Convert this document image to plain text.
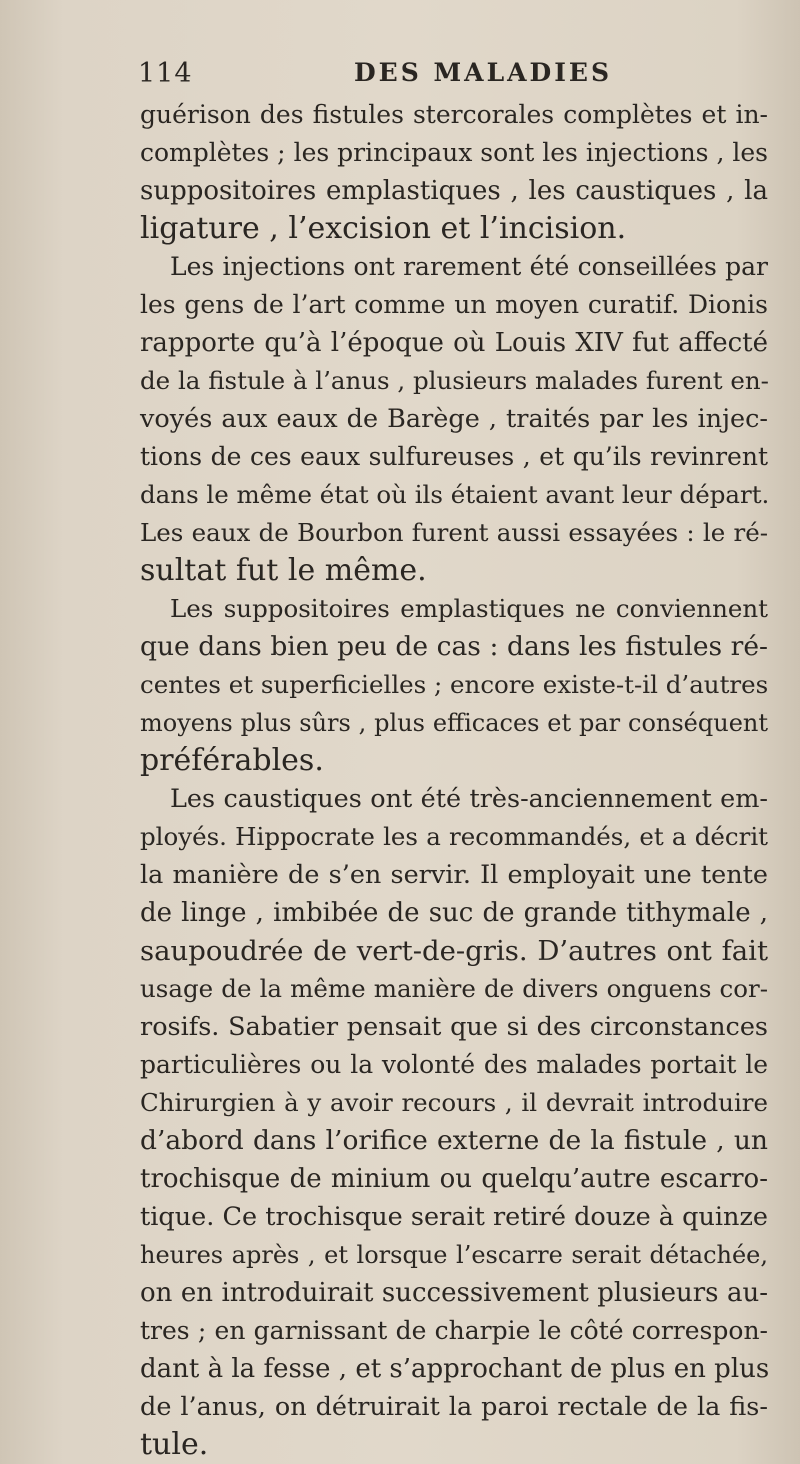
114	DES MALADIES
guérison des fistules stercorales complètes et in-
complètes ; les principaux sont les injections , les
suppositoires emplastiques , les caustiques , la
ligature , l’excision et l’incision.
Les injections ont rarement été conseillées par
les gens de l’art comme un moyen curatif. Dionis
rapporte qu’à l’époque où Louis XIV fut affecté
de la fistule à l’anus , plusieurs malades furent en-
voyés aux eaux de Barège , traités par les injec-
tions de ces eaux sulfureuses , et qu’ils revinrent
dans le même état où ils étaient avant leur départ.
Les eaux de Bourbon furent aussi essayées : le ré-
sultat fut le même.
Les suppositoires emplastiques ne conviennent
que dans bien peu de cas : dans les fistules ré-
centes et superficielles ; encore existe-t-il d’autres
moyens plus sûrs , plus efficaces et par conséquent
préférables.
Les caustiques ont été très-anciennement em-
ployés. Hippocrate les a recommandés, et a décrit
la manière de s’en servir. Il employait une tente
de linge , imbibée de suc de grande tithymale ,
saupoudrée de vert-de-gris. D’autres ont fait
usage de la même manière de divers onguens cor-
rosifs. Sabatier pensait que si des circonstances
particulières ou la volonté des malades portait le
Chirurgien à y avoir recours , il devrait introduire
d’abord dans l’orifice externe de la fistule , un
trochisque de minium ou quelqu’autre escarro-
tique. Ce trochisque serait retiré douze à quinze
heures après , et lorsque l’escarre serait détachée,
on en introduirait successivement plusieurs au-
tres ; en garnissant de charpie le côté correspon-
dant à la fesse , et s’approchant de plus en plus
de l’anus, on détruirait la paroi rectale de la fis-
tule.
